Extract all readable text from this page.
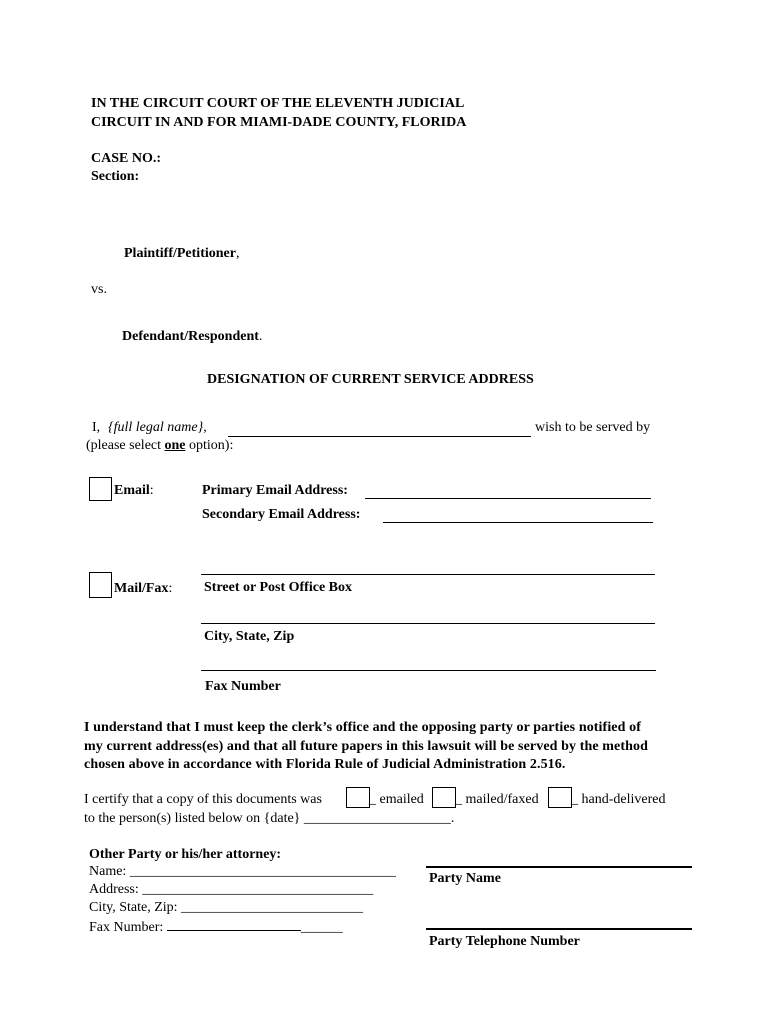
IN THE CIRCUIT COURT OF THE ELEVENTH JUDICIAL
CIRCUIT IN AND FOR MIAMI-DADE COUNTY, FLORIDA
CASE NO.:
Section:
Plaintiff/Petitioner,
vs.
Defendant/Respondent.
DESIGNATION OF CURRENT SERVICE ADDRESS
I, {full legal name},	wish to be served by
(please select one option):
Email:	Primary Email Address:
Secondary Email Address:
Mail/Fax: Street or Post Office Box
City, State, Zip
Fax Number
I understand that I must keep the clerk’s office and the opposing party or parties notified of
my current address(es) and that all future papers in this lawsuit will be served by the method
chosen above in accordance with Florida Rule of Judicial Administration 2.516.
I certify that a copy of this documents was	_ emailed _ mailed/faxed _ hand-delivered
to the person(s) listed below on {date} _____________________.
Other Party or his/her attorney:
Name: ______________________________________
Address: _________________________________
City, State, Zip: __________________________
Fax Number:	______
Party Name
Party Telephone Number
